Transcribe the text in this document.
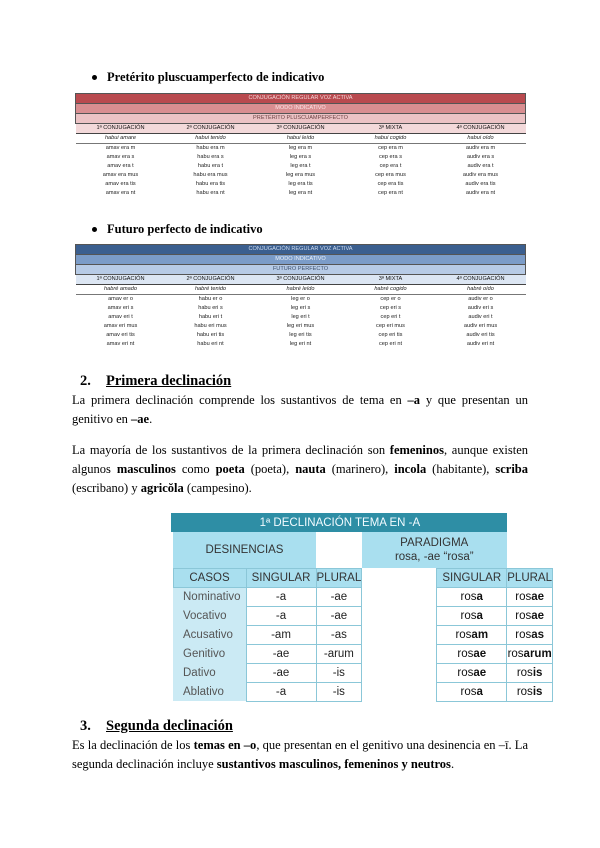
Pretérito pluscuamperfecto de indicativo
CONJUGACIÓN REGULAR VOZ ACTIVA				
MODO INDICATIVO				
PRETÉRITO PLUSCUAMPERFECTO				
1ª CONJUGACIÓN	2ª CONJUGACIÓN	3ª CONJUGACIÓN	3ª MIXTA	4ª CONJUGACIÓN
habui amare	habui tenido	habui leído	habui cogido	habui oído
amav era m	habu era m	leg era m	cep era m	audiv era m
amav era s	habu era s	leg era s	cep era s	audiv era s
amav era t	habu era t	leg era t	cep era t	audiv era t
amav era mus	habu era mus	leg era mus	cep era mus	audiv era mus
amav era tis	habu era tis	leg era tis	cep era tis	audiv era tis
amav era nt	habu era nt	leg era nt	cep era nt	audiv era nt
Futuro perfecto de indicativo
CONJUGACIÓN REGULAR VOZ ACTIVA				
MODO INDICATIVO				
FUTURO PERFECTO				
1ª CONJUGACIÓN	2ª CONJUGACIÓN	3ª CONJUGACIÓN	3ª MIXTA	4ª CONJUGACIÓN
habré amado	habré tenido	habré leído	habré cogido	habré oído
amav er o	habu er o	leg er o	cep er o	audiv er o
amav eri s	habu eri s	leg eri s	cep eri s	audiv eri s
amav eri t	habu eri t	leg eri t	cep eri t	audiv eri t
amav eri mus	habu eri mus	leg eri mus	cep eri mus	audiv eri mus
amav eri tis	habu eri tis	leg eri tis	cep eri tis	audiv eri tis
amav eri nt	habu eri nt	leg eri nt	cep eri nt	audiv eri nt
2. Primera declinación
La primera declinación comprende los sustantivos de tema en –a y que presentan un genitivo en –ae.
La mayoría de los sustantivos de la primera declinación son femeninos, aunque existen algunos masculinos como poeta (poeta), nauta (marinero), incola (habitante), scriba (escribano) y agricŏla (campesino).
	1ª DECLINACIÓN TEMA EN -A					
	DESINENCIAS			PARADIGMA
rosa, -ae “rosa”		

	CASOS	SINGULAR	PLURAL		SINGULAR	PLURAL
	Nominativo	-a	-ae		rosa	rosae
	Vocativo	-a	-ae		rosa	rosae
	Acusativo	-am	-as		rosam	rosas
	Genitivo	-ae	-arum		rosae	rosarum
	Dativo	-ae	-is		rosae	rosis
	Ablativo	-a	-is		rosa	rosis
3. Segunda declinación
Es la declinación de los temas en –o, que presentan en el genitivo una desinencia en –ī. La segunda declinación incluye sustantivos masculinos, femeninos y neutros.
